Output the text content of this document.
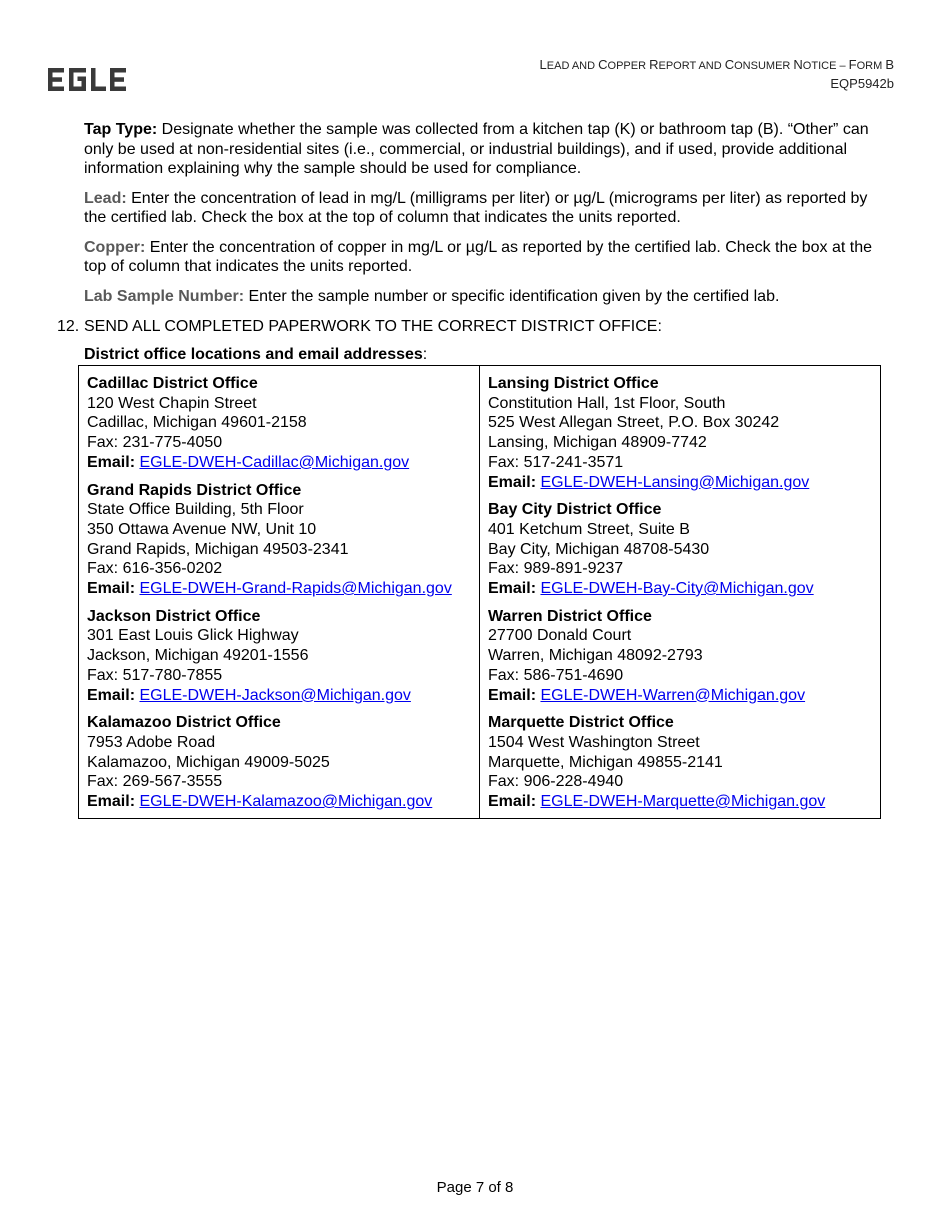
LEAD AND COPPER REPORT AND CONSUMER NOTICE – FORM B
EQP5942b

Tap Type: Designate whether the sample was collected from a kitchen tap (K) or bathroom tap (B). “Other” can only be used at non-residential sites (i.e., commercial, or industrial buildings), and if used, provide additional information explaining why the sample should be used for compliance.

Lead: Enter the concentration of lead in mg/L (milligrams per liter) or µg/L (micrograms per liter) as reported by the certified lab. Check the box at the top of column that indicates the units reported.

Copper: Enter the concentration of copper in mg/L or µg/L as reported by the certified lab. Check the box at the top of column that indicates the units reported.

Lab Sample Number: Enter the sample number or specific identification given by the certified lab.

12. SEND ALL COMPLETED PAPERWORK TO THE CORRECT DISTRICT OFFICE:
District office locations and email addresses:
Cadillac District Office
120 West Chapin Street
Cadillac, Michigan 49601-2158
Fax: 231-775-4050
Email: EGLE-DWEH-Cadillac@Michigan.gov
Grand Rapids District Office
State Office Building, 5th Floor
350 Ottawa Avenue NW, Unit 10
Grand Rapids, Michigan 49503-2341
Fax: 616-356-0202
Email: EGLE-DWEH-Grand-Rapids@Michigan.gov
Jackson District Office
301 East Louis Glick Highway
Jackson, Michigan 49201-1556
Fax: 517-780-7855
Email: EGLE-DWEH-Jackson@Michigan.gov
Kalamazoo District Office
7953 Adobe Road
Kalamazoo, Michigan 49009-5025
Fax: 269-567-3555
Email: EGLE-DWEH-Kalamazoo@Michigan.gov

Lansing District Office
Constitution Hall, 1st Floor, South
525 West Allegan Street, P.O. Box 30242
Lansing, Michigan 48909-7742
Fax: 517-241-3571
Email: EGLE-DWEH-Lansing@Michigan.gov
Bay City District Office
401 Ketchum Street, Suite B
Bay City, Michigan 48708-5430
Fax: 989-891-9237
Email: EGLE-DWEH-Bay-City@Michigan.gov
Warren District Office
27700 Donald Court
Warren, Michigan 48092-2793
Fax: 586-751-4690
Email: EGLE-DWEH-Warren@Michigan.gov
Marquette District Office
1504 West Washington Street
Marquette, Michigan 49855-2141
Fax: 906-228-4940
Email: EGLE-DWEH-Marquette@Michigan.gov
Page 7 of 8
